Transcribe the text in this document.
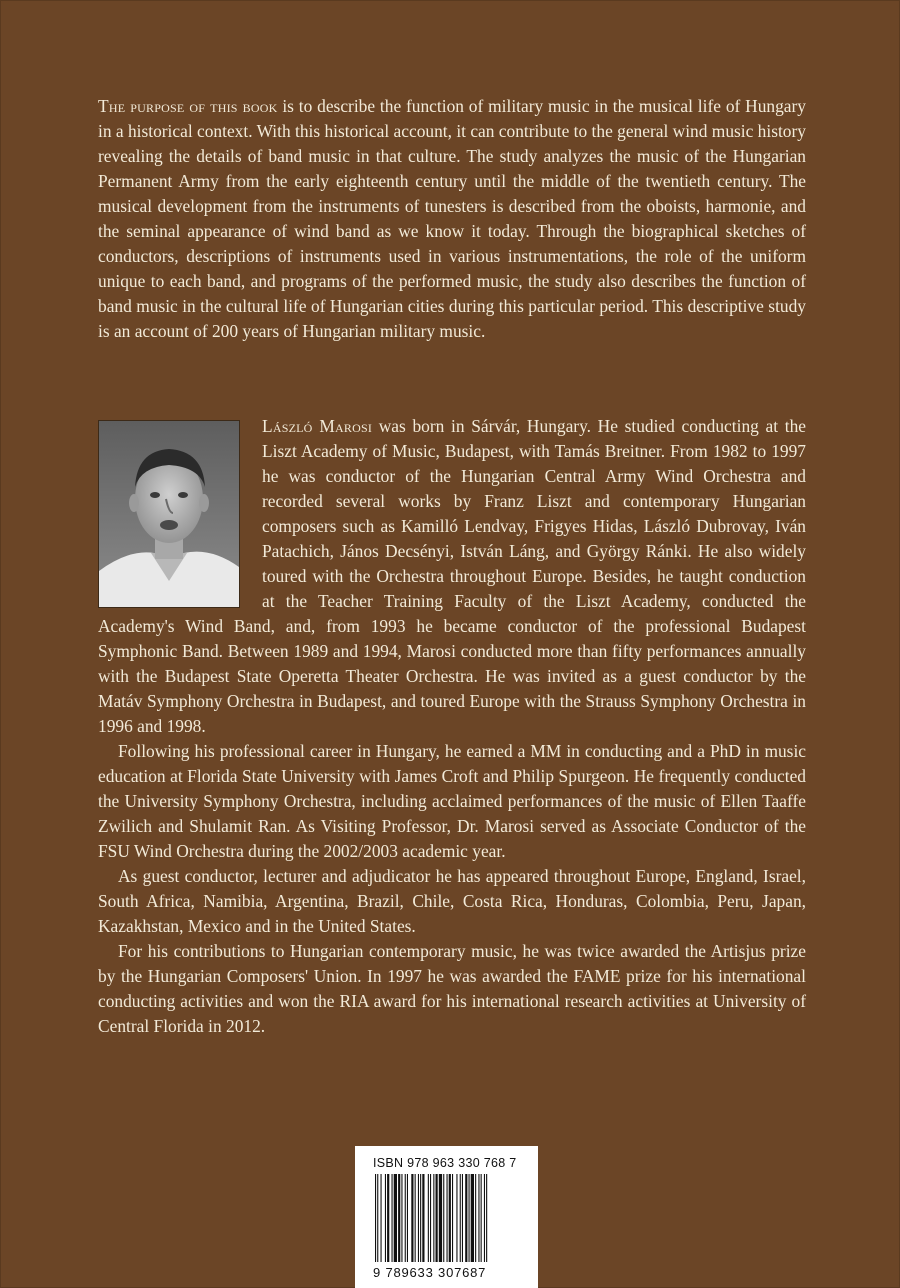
The purpose of this book is to describe the function of military music in the musical life of Hungary in a historical context. With this historical account, it can contribute to the general wind music history revealing the details of band music in that culture. The study analyzes the music of the Hungarian Permanent Army from the early eighteenth century until the middle of the twentieth century. The musical development from the instruments of tunesters is described from the oboists, harmonie, and the seminal appearance of wind band as we know it today. Through the biographical sketches of conductors, descriptions of instruments used in various instrumentations, the role of the uniform unique to each band, and programs of the performed music, the study also describes the function of band music in the cultural life of Hungarian cities during this particular period. This descriptive study is an account of 200 years of Hungarian military music.

László Marosi was born in Sárvár, Hungary. He studied conducting at the Liszt Academy of Music, Budapest, with Tamás Breitner. From 1982 to 1997 he was conductor of the Hungarian Central Army Wind Orchestra and recorded several works by Franz Liszt and contemporary Hungarian composers such as Kamilló Lendvay, Frigyes Hidas, László Dubrovay, Iván Patachich, János Decsényi, István Láng, and György Ránki. He also widely toured with the Orchestra throughout Europe. Besides, he taught conduction at the Teacher Training Faculty of the Liszt Academy, conducted the Academy's Wind Band, and, from 1993 he became conductor of the professional Budapest Symphonic Band. Between 1989 and 1994, Marosi conducted more than fifty performances annually with the Budapest State Operetta Theater Orchestra. He was invited as a guest conductor by the Matáv Symphony Orchestra in Budapest, and toured Europe with the Strauss Symphony Orchestra in 1996 and 1998.

Following his professional career in Hungary, he earned a MM in conducting and a PhD in music education at Florida State University with James Croft and Philip Spurgeon. He frequently conducted the University Symphony Orchestra, including acclaimed performances of the music of Ellen Taaffe Zwilich and Shulamit Ran. As Visiting Professor, Dr. Marosi served as Associate Conductor of the FSU Wind Orchestra during the 2002/2003 academic year.

As guest conductor, lecturer and adjudicator he has appeared throughout Europe, England, Israel, South Africa, Namibia, Argentina, Brazil, Chile, Costa Rica, Honduras, Colombia, Peru, Japan, Kazakhstan, Mexico and in the United States.

For his contributions to Hungarian contemporary music, he was twice awarded the Artisjus prize by the Hungarian Composers' Union. In 1997 he was awarded the FAME prize for his international conducting activities and won the RIA award for his international research activities at University of Central Florida in 2012.

ISBN 978 963 330 768 7
9 789633 307687
